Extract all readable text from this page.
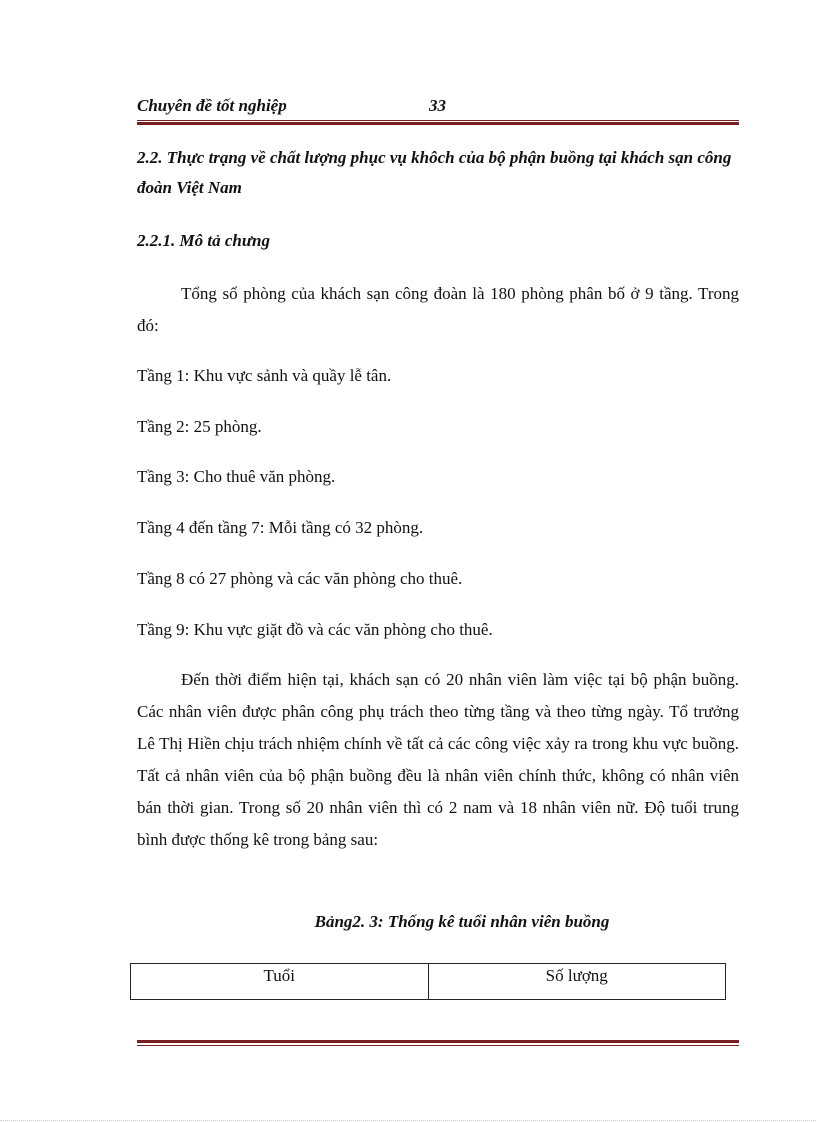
Chuyên đề tốt nghiệp	33
2.2. Thực trạng về chất lượng phục vụ khôch của bộ phận buồng tại khách sạn công đoàn Việt Nam
2.2.1. Mô tả chưng
Tổng số phòng của khách sạn công đoàn là 180 phòng phân bố ở 9 tầng. Trong đó:
Tầng 1: Khu vực sảnh và quầy lễ tân.
Tầng 2: 25 phòng.
Tầng 3: Cho thuê văn phòng.
Tầng 4 đến tầng 7: Mỗi tầng có 32 phòng.
Tầng 8 có 27 phòng và các văn phòng cho thuê.
Tầng 9: Khu vực giặt đồ và các văn phòng cho thuê.
Đến thời điểm hiện tại, khách sạn có 20 nhân viên làm việc tại bộ phận buồng. Các nhân viên được phân công phụ trách theo từng tầng và theo từng ngày. Tổ trưởng Lê Thị Hiền chịu trách nhiệm chính về tất cả các công việc xảy ra trong khu vực buồng. Tất cả nhân viên của bộ phận buồng đều là nhân viên chính thức, không có nhân viên bán thời gian. Trong số 20 nhân viên thì có 2 nam và 18 nhân viên nữ. Độ tuổi trung bình được thống kê trong bảng sau:
Bảng2. 3: Thống kê tuổi nhân viên buồng
Tuổi	Số lượng
